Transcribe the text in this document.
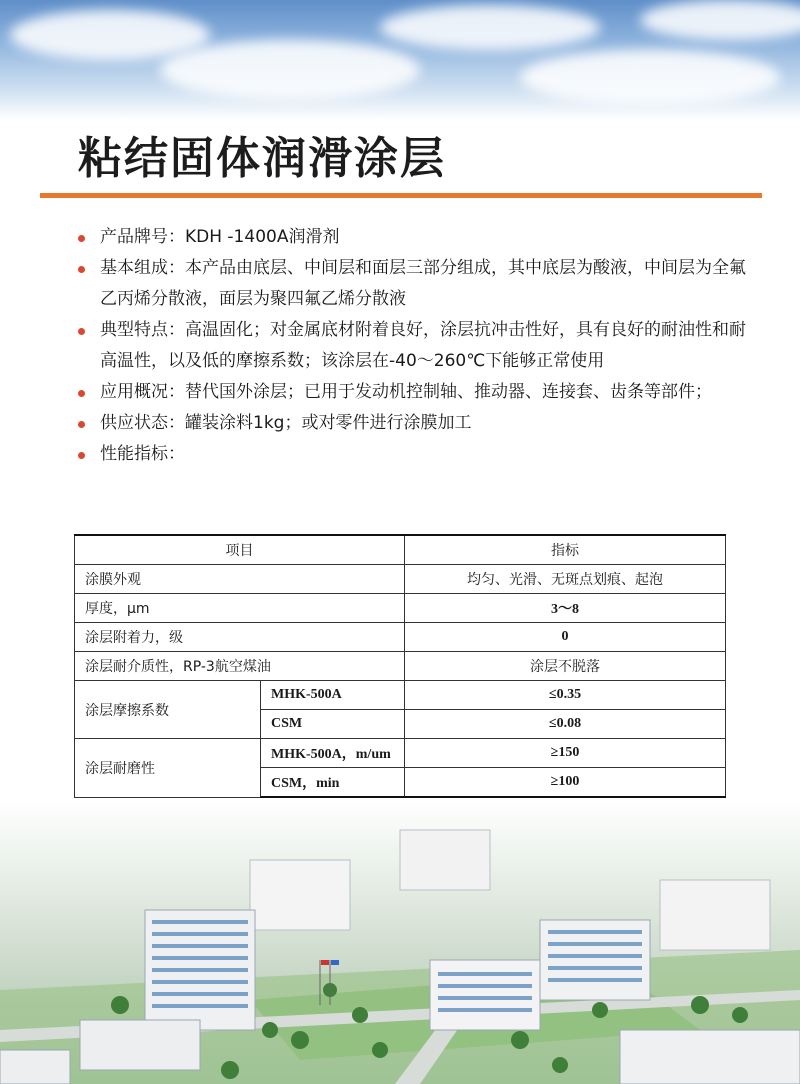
粘结固体润滑涂层
产品牌号：KDH -1400A润滑剂
基本组成：本产品由底层、中间层和面层三部分组成，其中底层为酸液，中间层为全氟乙丙烯分散液，面层为聚四氟乙烯分散液
典型特点：高温固化；对金属底材附着良好，涂层抗冲击性好，具有良好的耐油性和耐高温性，以及低的摩擦系数；该涂层在-40～260℃下能够正常使用
应用概况：替代国外涂层；已用于发动机控制轴、推动器、连接套、齿条等部件；
供应状态：罐装涂料1kg；或对零件进行涂膜加工
性能指标：
项目		指标
涂膜外观		均匀、光滑、无斑点划痕、起泡
厚度，μm		3～8
涂层附着力，级		0
涂层耐介质性，RP-3航空煤油		涂层不脱落
涂层摩擦系数	MHK-500A	≤0.35
	CSM	≤0.08
涂层耐磨性	MHK-500A，m/um	≥150
	CSM，min	≥100
